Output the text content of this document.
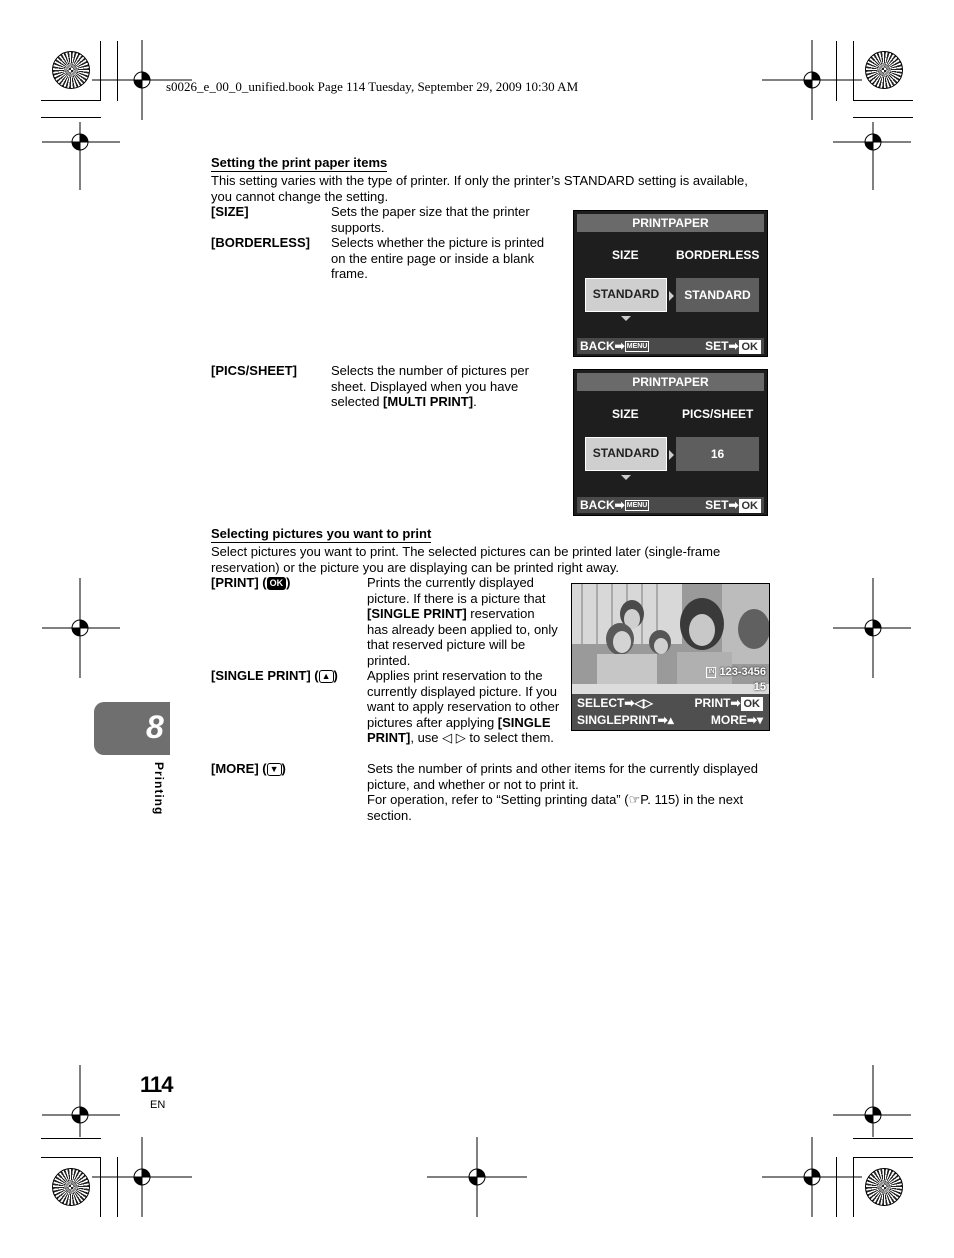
s0026_e_00_0_unified.book Page 114 Tuesday, September 29, 2009 10:30 AM
Setting the print paper items
This setting varies with the type of printer. If only the printer’s STANDARD setting is available, you cannot change the setting.
[SIZE]	Sets the paper size that the printer supports.
[BORDERLESS] Selects whether the picture is printed on the entire page or inside a blank frame.
[PICS/SHEET]	Selects the number of pictures per sheet. Displayed when you have selected [MULTI PRINT].
PRINTPAPER
SIZE	BORDERLESS
STANDARD	STANDARD
BACK➡ MENU	SET➡ OK
PRINTPAPER
SIZE	PICS/SHEET
STANDARD	16
BACK➡ MENU	SET➡ OK
Selecting pictures you want to print
Select pictures you want to print. The selected pictures can be printed later (single-frame reservation) or the picture you are displaying can be printed right away.
[PRINT] ( OK )	Prints the currently displayed picture. If there is a picture that [SINGLE PRINT] reservation has already been applied to, only that reserved picture will be printed.
[SINGLE PRINT] ( ▲ ) Applies print reservation to the currently displayed picture. If you want to apply reservation to other pictures after applying [SINGLE PRINT], use ◁ ▷ to select them.
[MORE] ( ▼ )	Sets the number of prints and other items for the currently displayed picture, and whether or not to print it.
For operation, refer to “Setting printing data” (☞P. 115) in the next section.
IN 123-3456
15
SELECT➡◁▷	PRINT➡ OK
SINGLEPRINT➡▴	MORE➡▾
8
Printing
114
EN
